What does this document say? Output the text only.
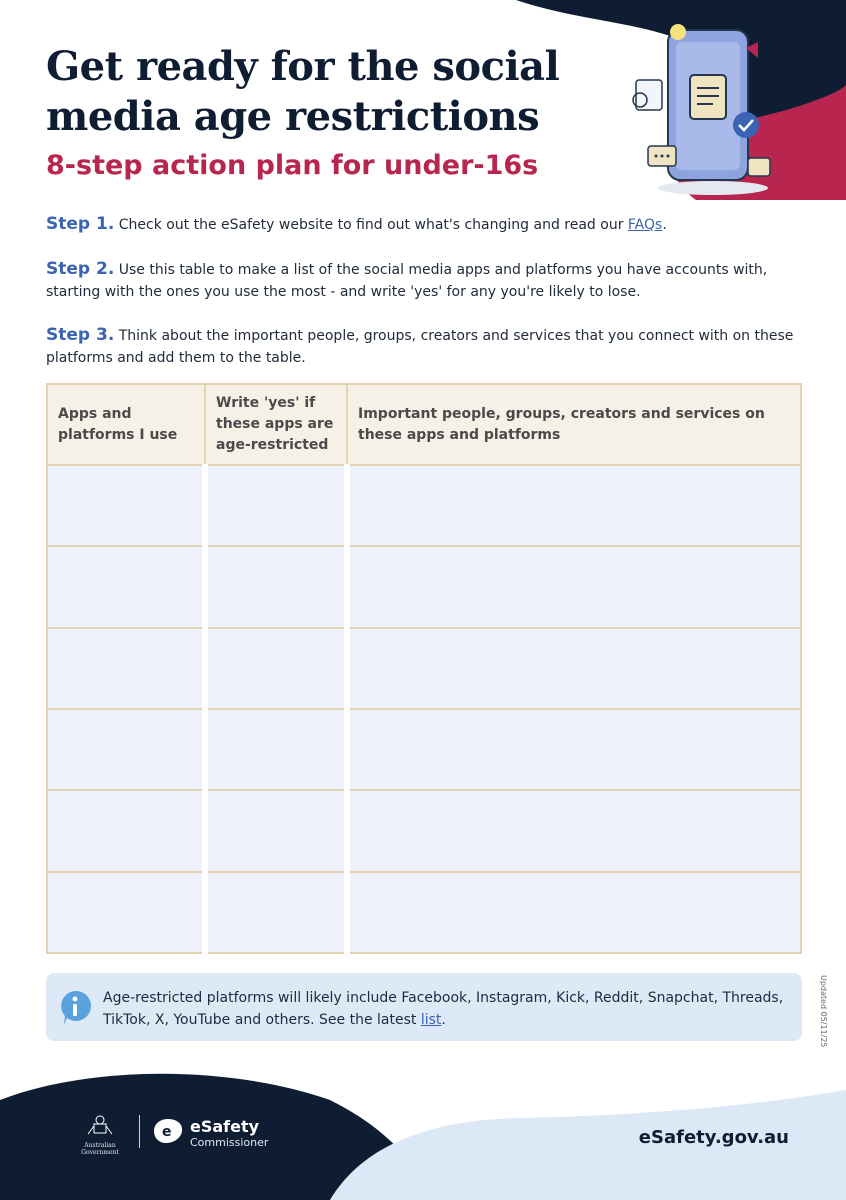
Get ready for the social media age restrictions

8-step action plan for under-16s

Step 1. Check out the eSafety website to find out what's changing and read our FAQs.

Step 2. Use this table to make a list of the social media apps and platforms you have accounts with, starting with the ones you use the most - and write 'yes' for any you're likely to lose.

Step 3. Think about the important people, groups, creators and services that you connect with on these platforms and add them to the table.

Apps and platforms I use	Write 'yes' if these apps are age-restricted	Important people, groups, creators and services on these apps and platforms

Updated 05/11/25
Age-restricted platforms will likely include Facebook, Instagram, Kick, Reddit, Snapchat, Threads, TikTok, X, YouTube and others. See the latest list.
Australian Government
e eSafety
Commissioner	eSafety.gov.au
